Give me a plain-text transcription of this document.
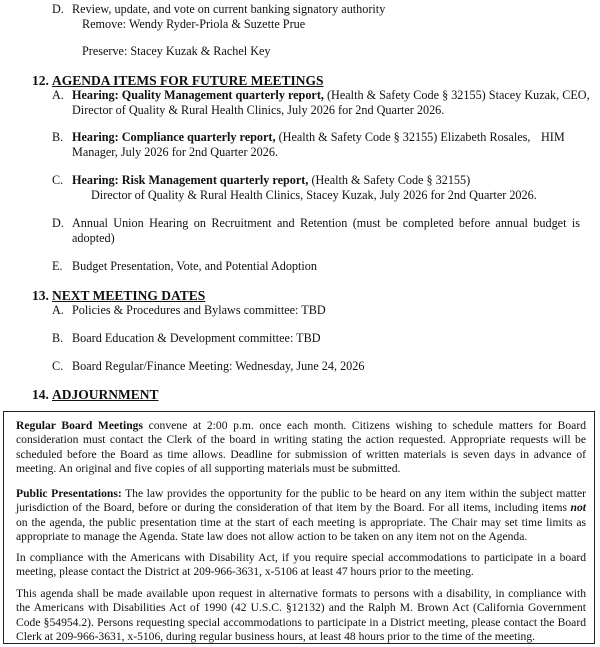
D. Review, update, and vote on current banking signatory authority
Remove: Wendy Ryder-Priola & Suzette Prue
Preserve: Stacey Kuzak & Rachel Key
12. AGENDA ITEMS FOR FUTURE MEETINGS
A. Hearing: Quality Management quarterly report, (Health & Safety Code § 32155) Stacey Kuzak, CEO,
Director of Quality & Rural Health Clinics, July 2026 for 2nd Quarter 2026.
B. Hearing: Compliance quarterly report, (Health & Safety Code § 32155) Elizabeth Rosales, HIM
Manager, July 2026 for 2nd Quarter 2026.
C. Hearing: Risk Management quarterly report, (Health & Safety Code § 32155)
Director of Quality & Rural Health Clinics, Stacey Kuzak, July 2026 for 2nd Quarter 2026.
D. Annual Union Hearing on Recruitment and Retention (must be completed before annual budget is adopted)
E. Budget Presentation, Vote, and Potential Adoption
13. NEXT MEETING DATES
A. Policies & Procedures and Bylaws committee: TBD
B. Board Education & Development committee: TBD
C. Board Regular/Finance Meeting: Wednesday, June 24, 2026
14. ADJOURNMENT
Regular Board Meetings convene at 2:00 p.m. once each month. Citizens wishing to schedule matters for Board consideration must contact the Clerk of the board in writing stating the action requested. Appropriate requests will be scheduled before the Board as time allows. Deadline for submission of written materials is seven days in advance of meeting. An original and five copies of all supporting materials must be submitted.
Public Presentations: The law provides the opportunity for the public to be heard on any item within the subject matter jurisdiction of the Board, before or during the consideration of that item by the Board. For all items, including items not on the agenda, the public presentation time at the start of each meeting is appropriate. The Chair may set time limits as appropriate to manage the Agenda. State law does not allow action to be taken on any item not on the Agenda.
In compliance with the Americans with Disability Act, if you require special accommodations to participate in a board meeting, please contact the District at 209-966-3631, x-5106 at least 47 hours prior to the meeting.
This agenda shall be made available upon request in alternative formats to persons with a disability, in compliance with the Americans with Disabilities Act of 1990 (42 U.S.C. §12132) and the Ralph M. Brown Act (California Government Code §54954.2). Persons requesting special accommodations to participate in a District meeting, please contact the Board Clerk at 209-966-3631, x-5106, during regular business hours, at least 48 hours prior to the time of the meeting.
